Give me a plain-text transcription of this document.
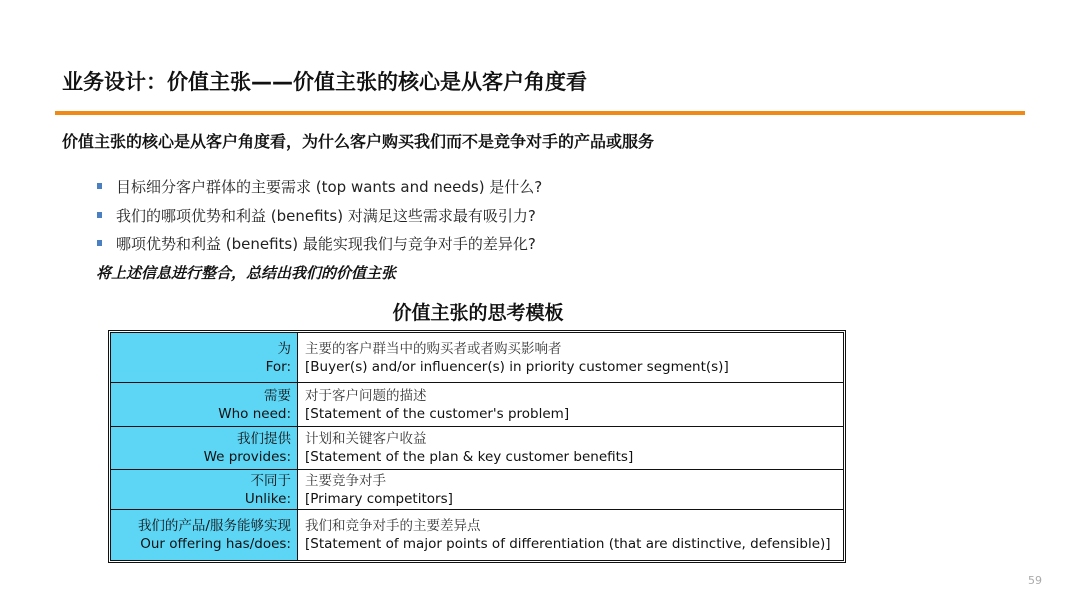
业务设计：价值主张——价值主张的核心是从客户角度看
价值主张的核心是从客户角度看，为什么客户购买我们而不是竞争对手的产品或服务
目标细分客户群体的主要需求 (top wants and needs) 是什么?
我们的哪项优势和利益 (benefits) 对满足这些需求最有吸引力?
哪项优势和利益 (benefits) 最能实现我们与竞争对手的差异化?
将上述信息进行整合，总结出我们的价值主张
价值主张的思考模板
为
For:
主要的客户群当中的购买者或者购买影响者
[Buyer(s) and/or influencer(s) in priority customer segment(s)]
需要
Who need:
对于客户问题的描述
[Statement of the customer's problem]
我们提供
We provides:
计划和关键客户收益
[Statement of the plan & key customer benefits]
不同于
Unlike:
主要竞争对手
[Primary competitors]
我们的产品/服务能够实现
Our offering has/does:
我们和竞争对手的主要差异点
[Statement of major points of differentiation (that are distinctive, defensible)]
59
